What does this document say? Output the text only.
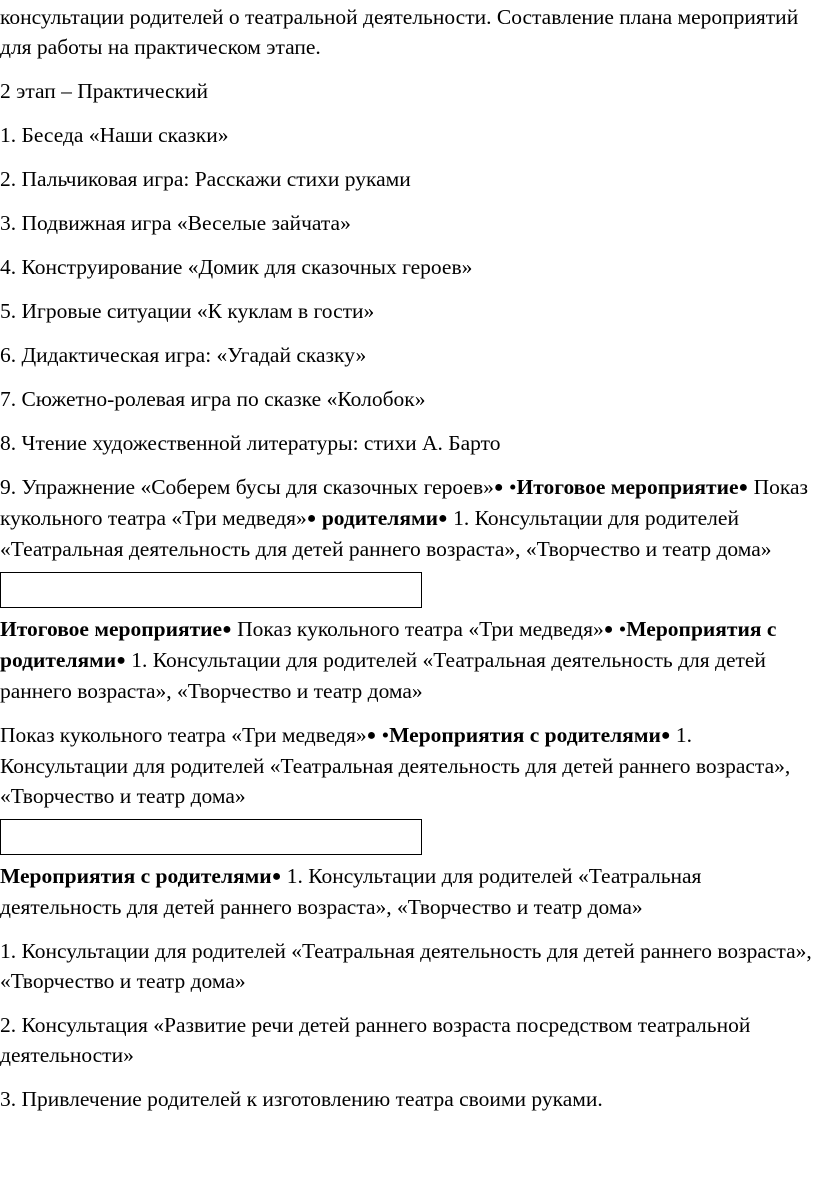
консультации родителей о театральной деятельности. Составление плана мероприятий для работы на практическом этапе.

2 этап – Практический

1. Беседа «Наши сказки»

2. Пальчиковая игра: Расскажи стихи руками

3. Подвижная игра «Веселые зайчата»

4. Конструирование «Домик для сказочных героев»

5. Игровые ситуации «К куклам в гости»

6. Дидактическая игра: «Угадай сказку»

7. Сюжетно-ролевая игра по сказке «Колобок»

8. Чтение художественной литературы: стихи А. Барто

9. Упражнение «Соберем бусы для сказочных героев»● •Итоговое мероприятие● Показ кукольного театра «Три медведя»● родителями● 1. Консультации для родителей «Театральная деятельность для детей раннего возраста», «Творчество и театр дома»

Итоговое мероприятие● Показ кукольного театра «Три медведя»● •Мероприятия с родителями● 1. Консультации для родителей «Театральная деятельность для детей раннего возраста», «Творчество и театр дома»

Показ кукольного театра «Три медведя»● •Мероприятия с родителями● 1. Консультации для родителей «Театральная деятельность для детей раннего возраста», «Творчество и театр дома»

Мероприятия с родителями● 1. Консультации для родителей «Театральная деятельность для детей раннего возраста», «Творчество и театр дома»

1. Консультации для родителей «Театральная деятельность для детей раннего возраста», «Творчество и театр дома»

2. Консультация «Развитие речи детей раннего возраста посредством театральной деятельности»

3. Привлечение родителей к изготовлению театра своими руками.
